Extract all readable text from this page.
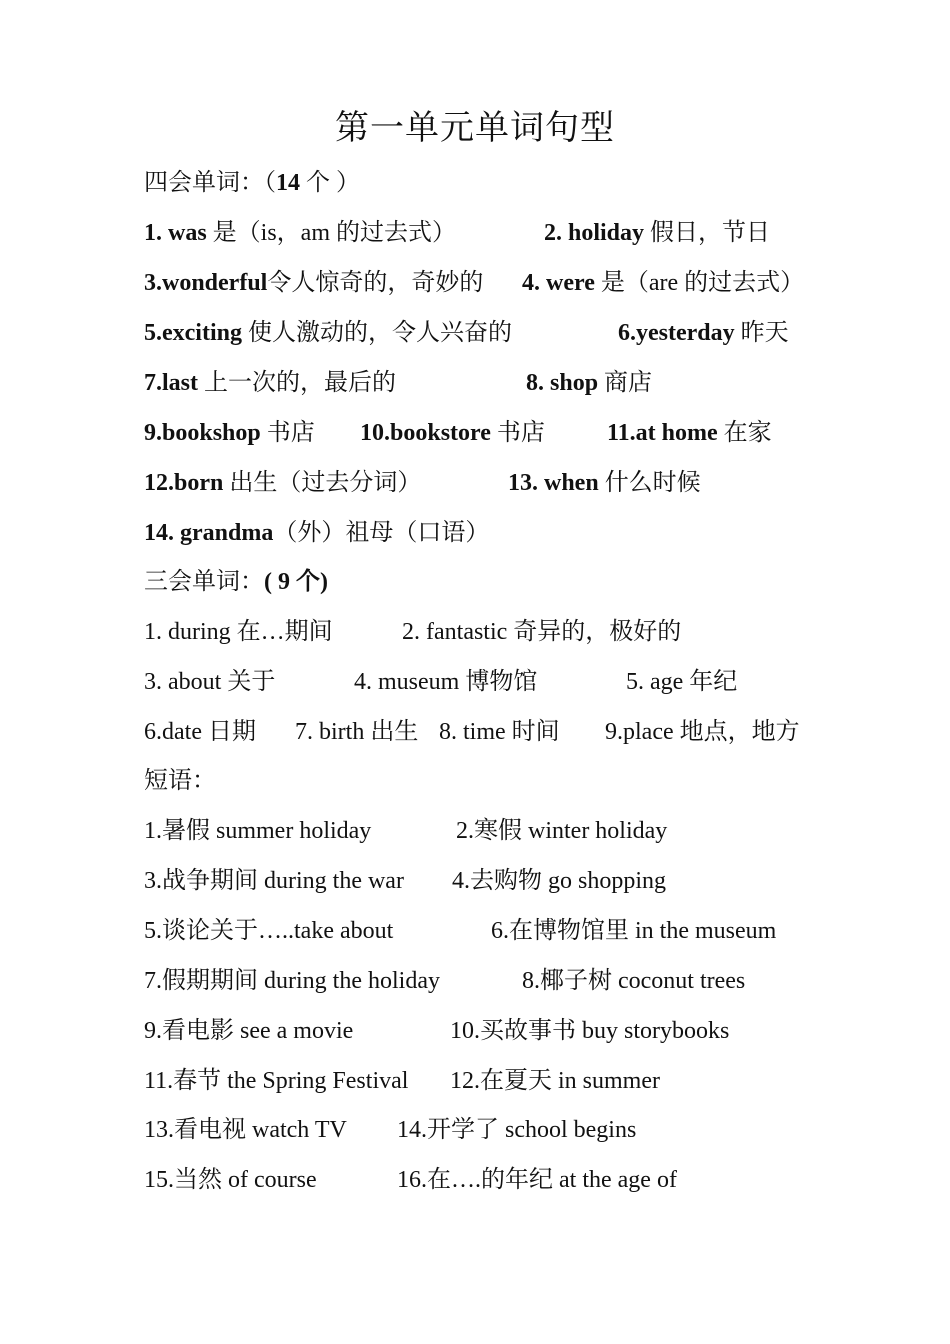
第一单元单词句型
四会单词：（14 个 ）
1. was 是（is，am 的过去式）	2. holiday 假日，节日
3.wonderful令人惊奇的，奇妙的 4. were 是（are 的过去式）
5.exciting 使人激动的，令人兴奋的	6.yesterday 昨天
7.last 上一次的，最后的	8. shop 商店
9.bookshop 书店 10.bookstore 书店	11.at home 在家
12.born 出生（过去分词）	13. when 什么时候
14. grandma（外）祖母（口语）
三会单词：( 9 个)
1. during 在…期间	2. fantastic 奇异的，极好的
3. about 关于	4. museum 博物馆	5. age 年纪
6.date 日期 7. birth 出生 8. time 时间 9.place 地点，地方
短语：
1.暑假 summer holiday	2.寒假 winter holiday
3.战争期间 during the war 4.去购物 go shopping
5.谈论关于…..take about	6.在博物馆里 in the museum
7.假期期间 during the holiday	8.椰子树 coconut trees
9.看电影 see a movie	10.买故事书 buy storybooks
11.春节 the Spring Festival 12.在夏天 in summer
13.看电视 watch TV 14.开学了 school begins
15.当然 of course	16.在….的年纪 at the age of
